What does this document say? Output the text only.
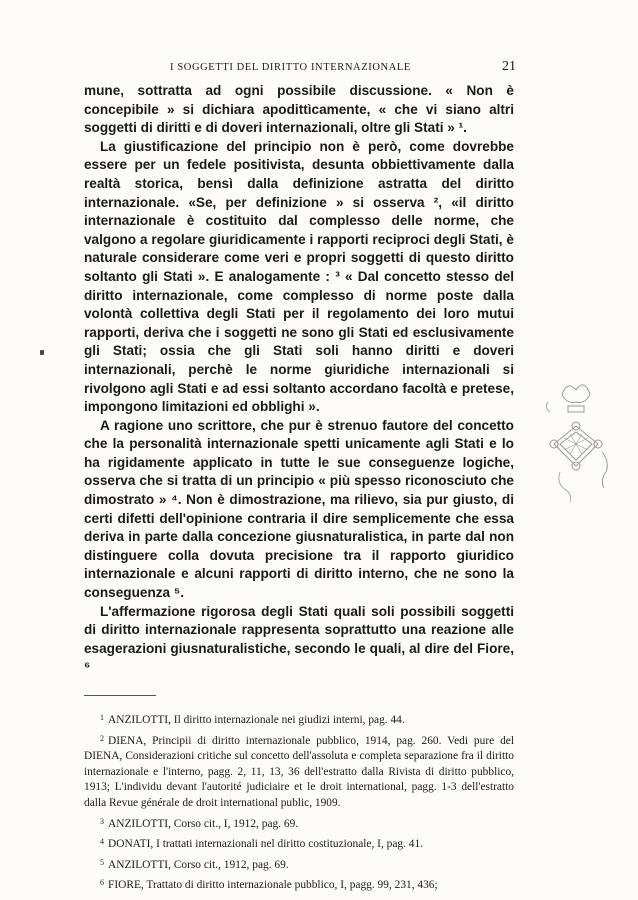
I SOGGETTI DEL DIRITTO INTERNAZIONALE	21

mune, sottratta ad ogni possibile discussione. « Non è concepibile » si dichiara apodittìcamente, « che vi siano altri soggetti di diritti e di doveri internazionali, oltre gli Stati » ¹.

La giustificazione del principio non è però, come dovrebbe essere per un fedele positivista, desunta obbiettivamente dalla realtà storica, bensì dalla definizione astratta del diritto internazionale. «Se, per definizione » si osserva ², «il diritto internazionale è costituito dal complesso delle norme, che valgono a regolare giuridicamente i rapporti reciproci degli Stati, è naturale considerare come veri e propri soggetti di questo diritto soltanto gli Stati ». E analogamente : ³ « Dal concetto stesso del diritto internazionale, come complesso di norme poste dalla volontà collettiva degli Stati per il regolamento dei loro mutui rapporti, deriva che i soggetti ne sono gli Stati ed esclusivamente gli Stati; ossia che gli Stati soli hanno diritti e doveri internazionali, perchè le norme giuridiche internazionali si rivolgono agli Stati e ad essi soltanto accordano facoltà e pretese, impongono limitazioni ed obblighi ».

A ragione uno scrittore, che pur è strenuo fautore del concetto che la personalità internazionale spetti unicamente agli Stati e lo ha rigidamente applicato in tutte le sue conseguenze logiche, osserva che si tratta di un principio « più spesso riconosciuto che dimostrato » ⁴. Non è dimostrazione, ma rilievo, sia pur giusto, di certi difetti dell'opinione contraria il dire semplicemente che essa deriva in parte dalla concezione giusnaturalistica, in parte dal non distinguere colla dovuta precisione tra il rapporto giuridico internazionale e alcuni rapporti di diritto interno, che ne sono la conseguenza ⁵.

L'affermazione rigorosa degli Stati quali soli possibili soggetti di diritto internazionale rappresenta soprattutto una reazione alle esagerazioni giusnaturalistiche, secondo le quali, al dire del Fiore, ⁶

$^1$ ANZILOTTI, Il diritto internazionale nei giudizi interni, pag. 44.

$^2$ DIENA, Principii di diritto internazionale pubblico, 1914, pag. 260. Vedi pure del DIENA, Considerazioni critiche sul concetto dell'assoluta e completa separazione fra il diritto internazionale e l'interno, pagg. 2, 11, 13, 36 dell'estratto dalla Rivista di diritto pubblico, 1913; L'individu devant l'autorité judiciaire et le droit international, pagg. 1-3 dell'estratto dalla Revue générale de droit international public, 1909.

$^3$ ANZILOTTI, Corso cit., I, 1912, pag. 69.

$^4$ DONATI, I trattati internazionali nel diritto costituzionale, I, pag. 41.

$^5$ ANZILOTTI, Corso cit., 1912, pag. 69.

$^6$ FIORE, Trattato di diritto internazionale pubblico, I, pagg. 99, 231, 436;
